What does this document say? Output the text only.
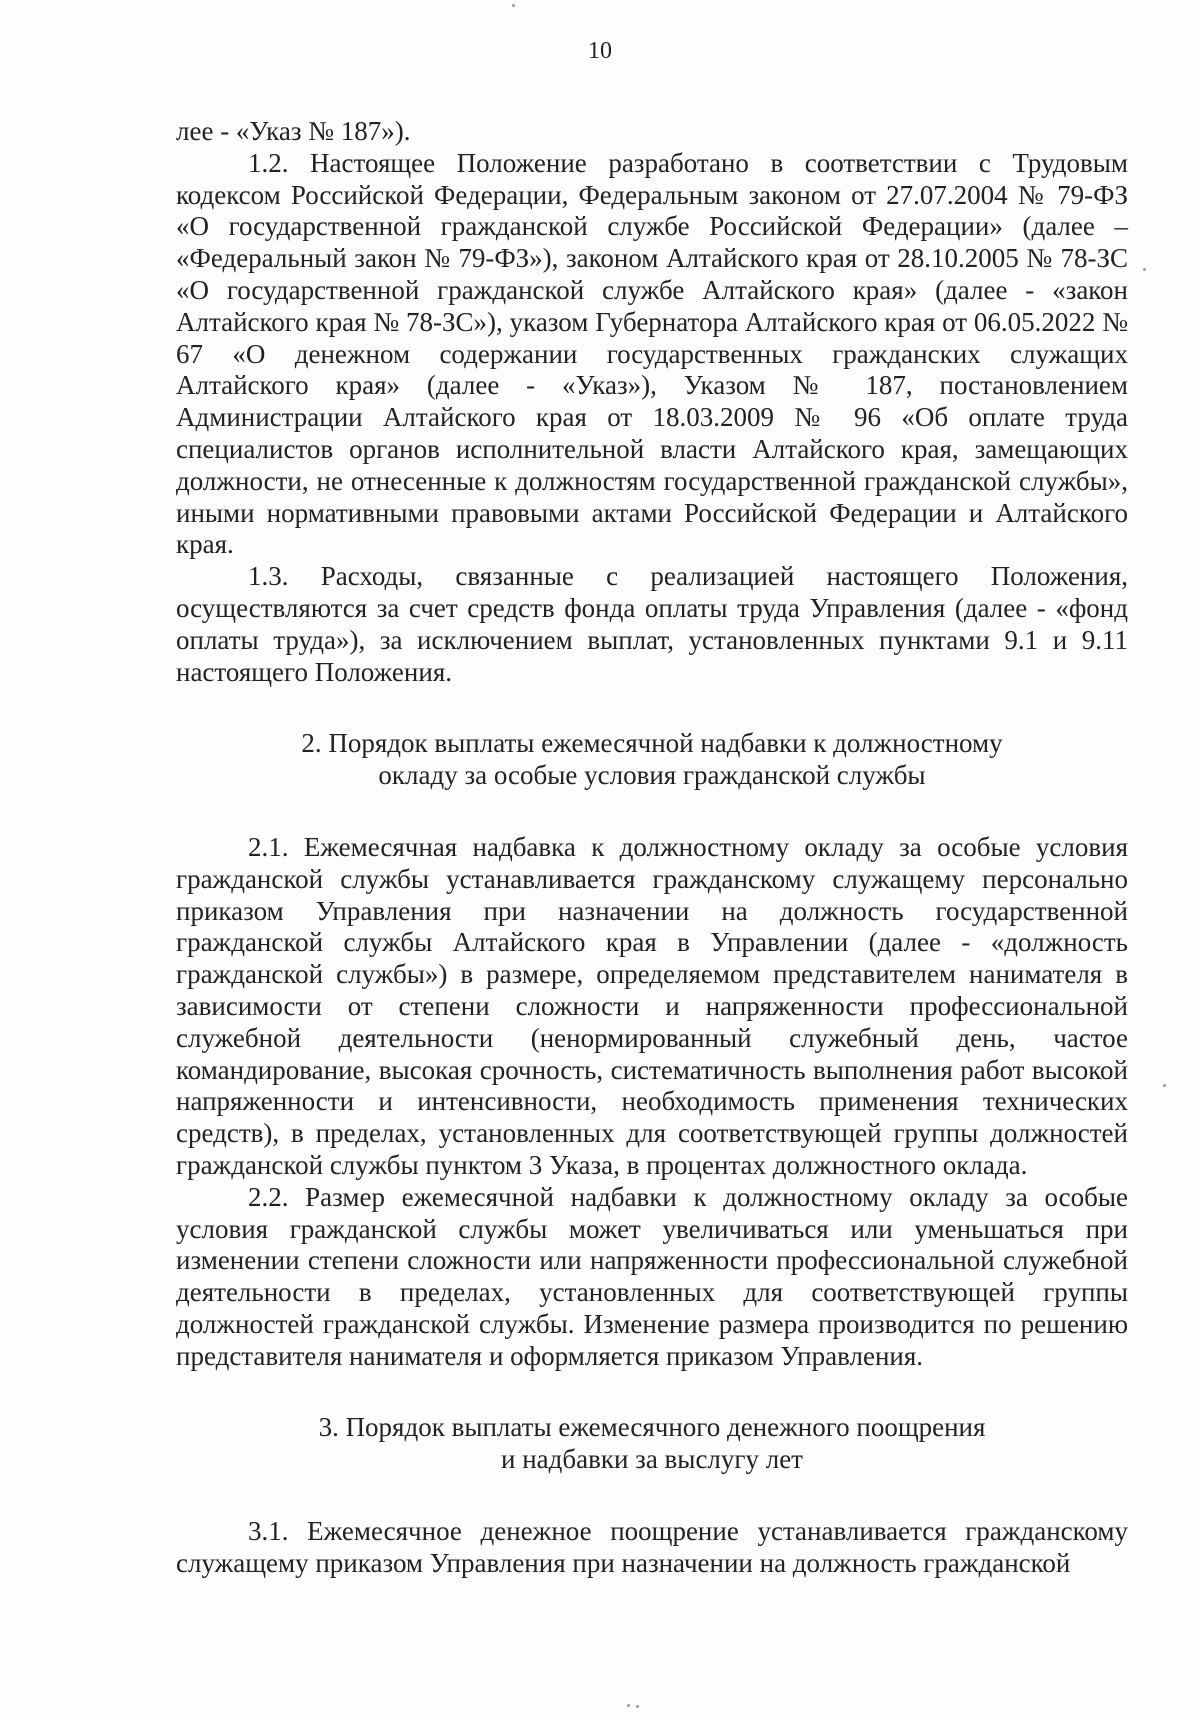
10

лее - «Указ № 187»).

1.2. Настоящее Положение разработано в соответствии с Трудовым кодексом Российской Федерации, Федеральным законом от 27.07.2004 № 79-ФЗ «О государственной гражданской службе Российской Федерации» (далее – «Федеральный закон № 79-ФЗ»), законом Алтайского края от 28.10.2005 № 78-ЗС «О государственной гражданской службе Алтайского края» (далее - «закон Алтайского края № 78-ЗС»), указом Губернатора Алтайского края от 06.05.2022 № 67 «О денежном содержании государственных гражданских служащих Алтайского края» (далее - «Указ»), Указом № 187, постановлением Администрации Алтайского края от 18.03.2009 № 96 «Об оплате труда специалистов органов исполнительной власти Алтайского края, замещающих должности, не отнесенные к должностям государственной гражданской службы», иными нормативными правовыми актами Российской Федерации и Алтайского края.

1.3. Расходы, связанные с реализацией настоящего Положения, осуществляются за счет средств фонда оплаты труда Управления (далее - «фонд оплаты труда»), за исключением выплат, установленных пунктами 9.1 и 9.11 настоящего Положения.

2. Порядок выплаты ежемесячной надбавки к должностному
окладу за особые условия гражданской службы

2.1. Ежемесячная надбавка к должностному окладу за особые условия гражданской службы устанавливается гражданскому служащему персонально приказом Управления при назначении на должность государственной гражданской службы Алтайского края в Управлении (далее - «должность гражданской службы») в размере, определяемом представителем нанимателя в зависимости от степени сложности и напряженности профессиональной служебной деятельности (ненормированный служебный день, частое командирование, высокая срочность, систематичность выполнения работ высокой напряженности и интенсивности, необходимость применения технических средств), в пределах, установленных для соответствующей группы должностей гражданской службы пунктом 3 Указа, в процентах должностного оклада.

2.2. Размер ежемесячной надбавки к должностному окладу за особые условия гражданской службы может увеличиваться или уменьшаться при изменении степени сложности или напряженности профессиональной служебной деятельности в пределах, установленных для соответствующей группы должностей гражданской службы. Изменение размера производится по решению представителя нанимателя и оформляется приказом Управления.

3. Порядок выплаты ежемесячного денежного поощрения
и надбавки за выслугу лет

3.1. Ежемесячное денежное поощрение устанавливается гражданскому служащему приказом Управления при назначении на должность гражданской
